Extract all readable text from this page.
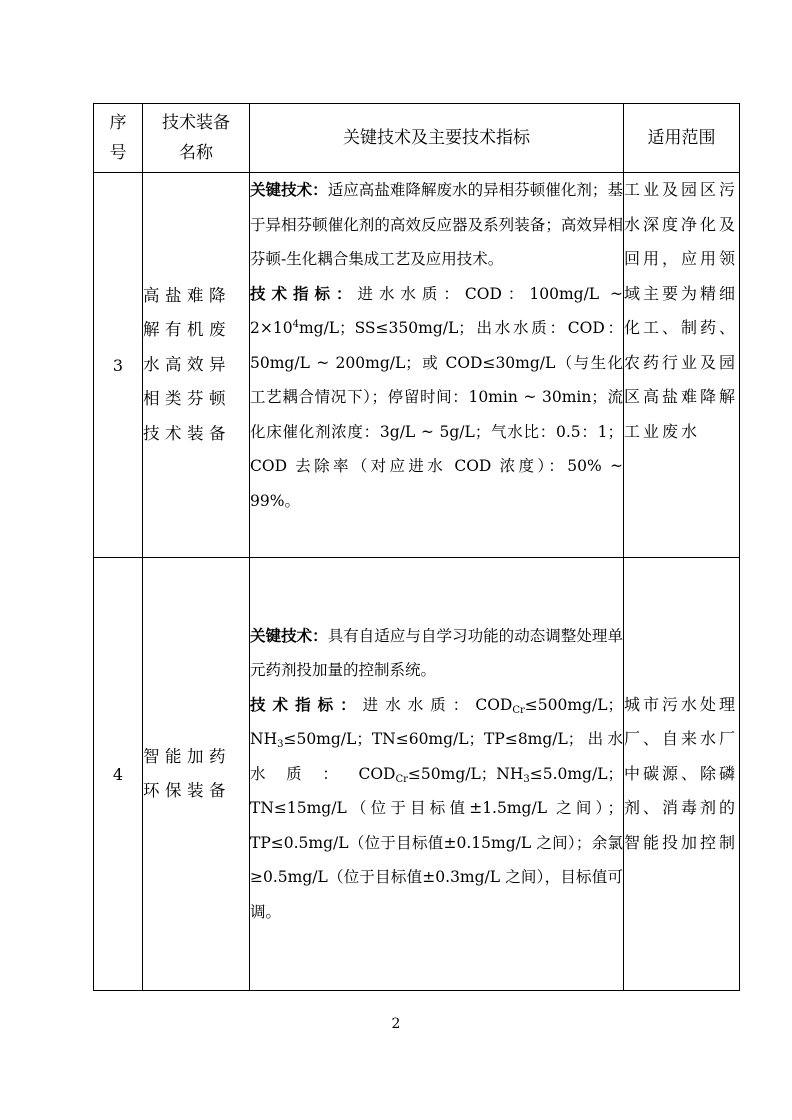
序号	技术装备名称	关键技术及主要技术指标	适用范围
3	高盐难降解有机废水高效异相类芬顿技术装备	关键技术：适应高盐难降解废水的异相芬顿催化剂；基于异相芬顿催化剂的高效反应器及系列装备；高效异相芬顿-生化耦合集成工艺及应用技术。
技术指标：进水水质：COD：100mg/L ~ $2\times 10^4mg/L$；SS≤350mg/L；出水水质：COD：50mg/L ~ 200mg/L；或 COD≤30mg/L（与生化工艺耦合情况下）；停留时间：10min ~ 30min；流化床催化剂浓度：3g/L ~ 5g/L；气水比：0.5：1；COD 去除率（对应进水 COD 浓度）：50% ~ 99%。	工业及园区污水深度净化及回用，应用领域主要为精细化工、制药、农药行业及园区高盐难降解工业废水
4	智能加药环保装备	关键技术：具有自适应与自学习功能的动态调整处理单元药剂投加量的控制系统。
技术指标：进水水质：$COD_{Cr}\le 500mg/L$；$NH_3\le 50mg/L$；TN≤60mg/L；TP≤8mg/L；出水水质：$COD_{Cr}\le 50mg/L$；$NH_3\le 5.0mg/L$；TN≤15mg/L（位于目标值±1.5mg/L 之间）；TP≤0.5mg/L（位于目标值±0.15mg/L 之间）；余氯≥0.5mg/L（位于目标值±0.3mg/L 之间），目标值可调。	城市污水处理厂、自来水厂中碳源、除磷剂、消毒剂的智能投加控制
2
